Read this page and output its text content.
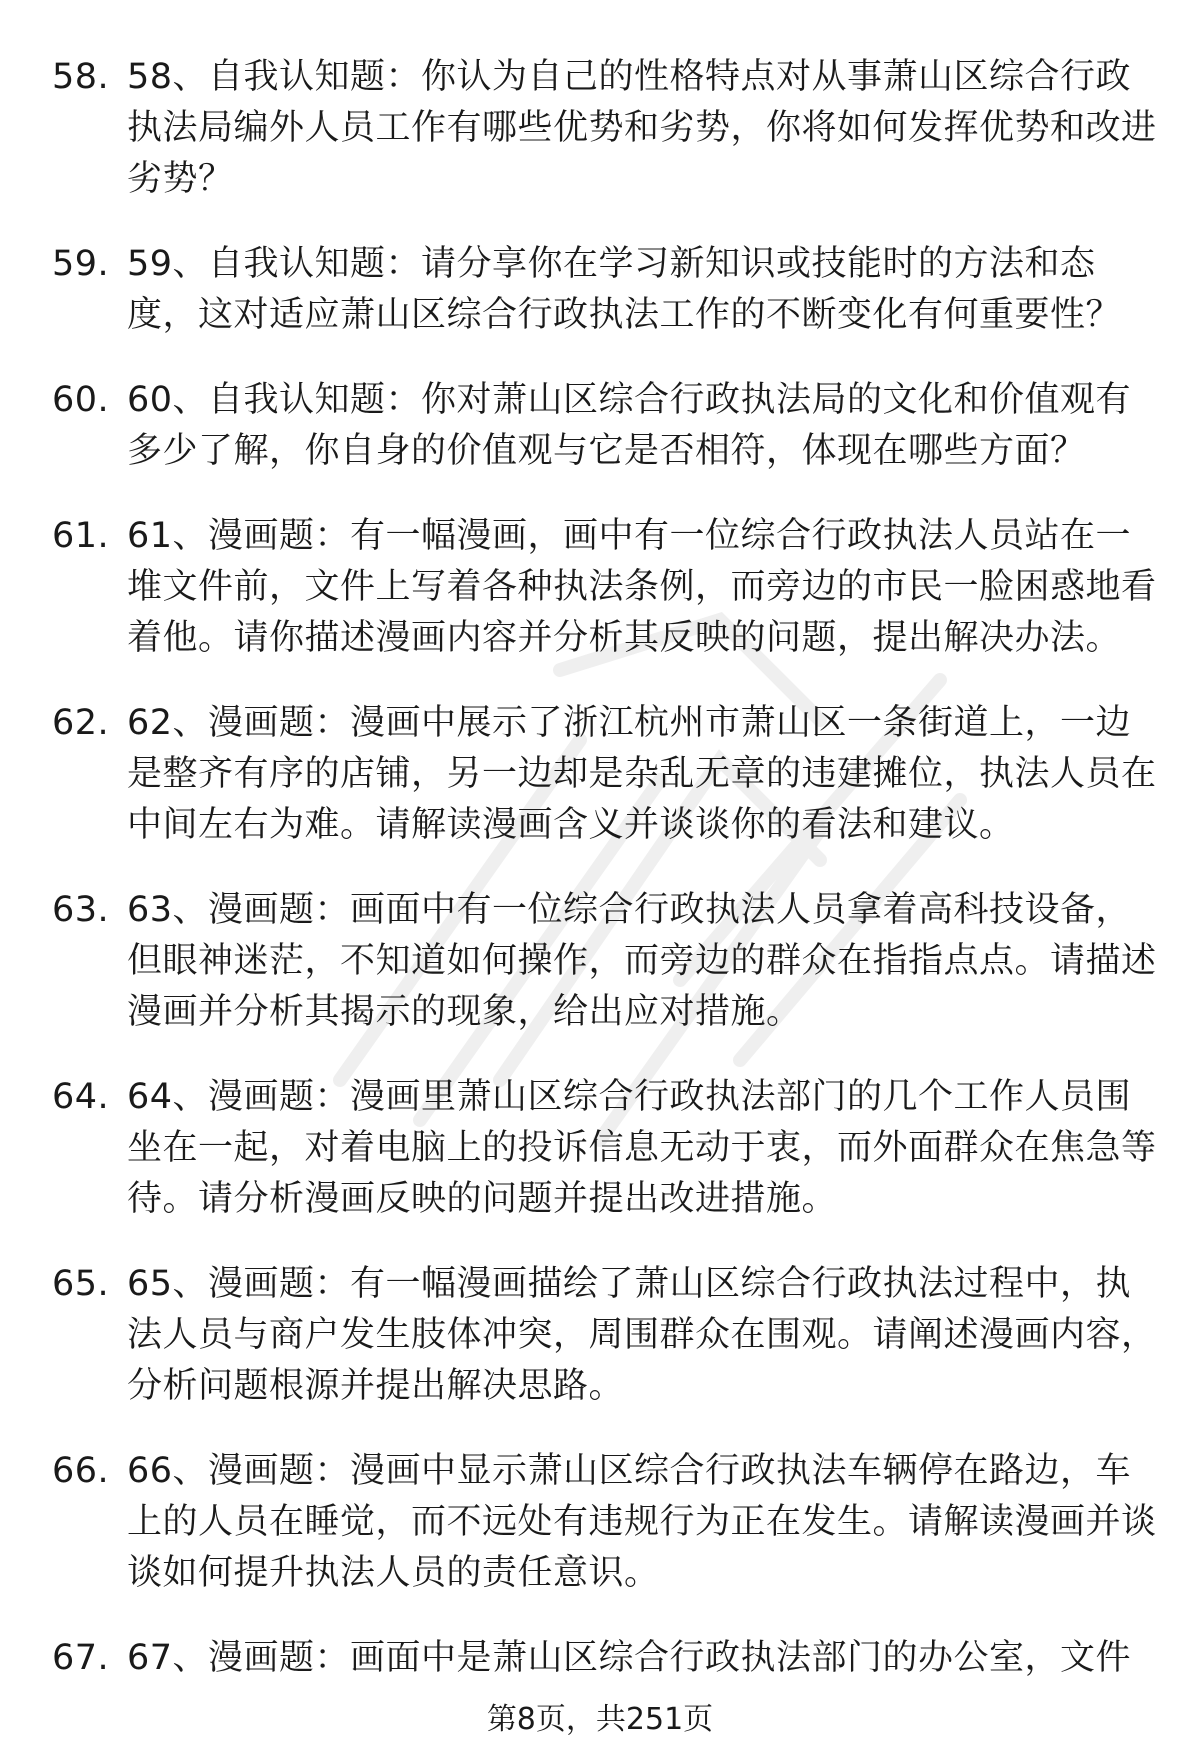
58. 58、自我认知题：你认为自己的性格特点对从事萧山区综合行政执法局编外人员工作有哪些优势和劣势，你将如何发挥优势和改进劣势？
59. 59、自我认知题：请分享你在学习新知识或技能时的方法和态度，这对适应萧山区综合行政执法工作的不断变化有何重要性？
60. 60、自我认知题：你对萧山区综合行政执法局的文化和价值观有多少了解，你自身的价值观与它是否相符，体现在哪些方面？
61. 61、漫画题：有一幅漫画，画中有一位综合行政执法人员站在一堆文件前，文件上写着各种执法条例，而旁边的市民一脸困惑地看着他。请你描述漫画内容并分析其反映的问题，提出解决办法。
62. 62、漫画题：漫画中展示了浙江杭州市萧山区一条街道上，一边是整齐有序的店铺，另一边却是杂乱无章的违建摊位，执法人员在中间左右为难。请解读漫画含义并谈谈你的看法和建议。
63. 63、漫画题：画面中有一位综合行政执法人员拿着高科技设备，但眼神迷茫，不知道如何操作，而旁边的群众在指指点点。请描述漫画并分析其揭示的现象，给出应对措施。
64. 64、漫画题：漫画里萧山区综合行政执法部门的几个工作人员围坐在一起，对着电脑上的投诉信息无动于衷，而外面群众在焦急等待。请分析漫画反映的问题并提出改进措施。
65. 65、漫画题：有一幅漫画描绘了萧山区综合行政执法过程中，执法人员与商户发生肢体冲突，周围群众在围观。请阐述漫画内容，分析问题根源并提出解决思路。
66. 66、漫画题：漫画中显示萧山区综合行政执法车辆停在路边，车上的人员在睡觉，而不远处有违规行为正在发生。请解读漫画并谈谈如何提升执法人员的责任意识。
67. 67、漫画题：画面中是萧山区综合行政执法部门的办公室，文件
第8页，共251页
